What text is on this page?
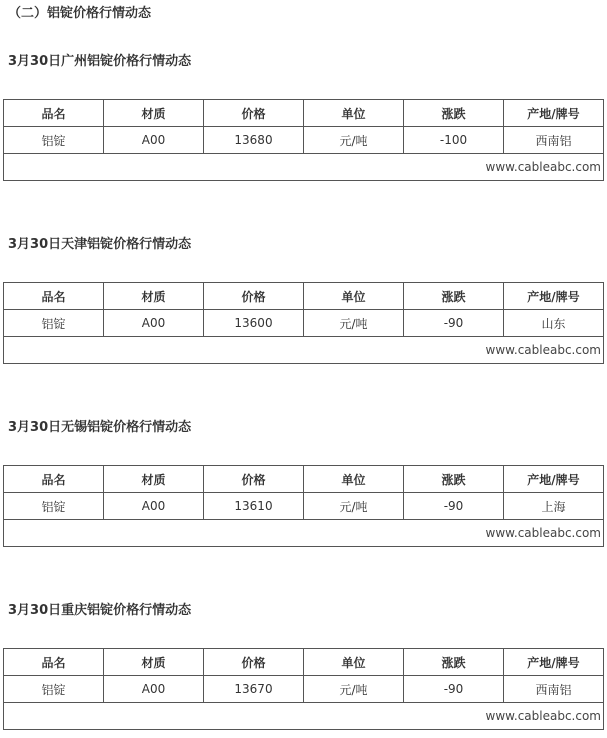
（二）铝锭价格行情动态
3月30日广州铝锭价格行情动态
品名	材质	价格	单位	涨跌	产地/牌号
铝锭	A00	13680	元/吨	-100	西南铝
www.cableabc.com					
3月30日天津铝锭价格行情动态
品名	材质	价格	单位	涨跌	产地/牌号
铝锭	A00	13600	元/吨	-90	山东
www.cableabc.com					
3月30日无锡铝锭价格行情动态
品名	材质	价格	单位	涨跌	产地/牌号
铝锭	A00	13610	元/吨	-90	上海
www.cableabc.com					
3月30日重庆铝锭价格行情动态
品名	材质	价格	单位	涨跌	产地/牌号
铝锭	A00	13670	元/吨	-90	西南铝
www.cableabc.com					
